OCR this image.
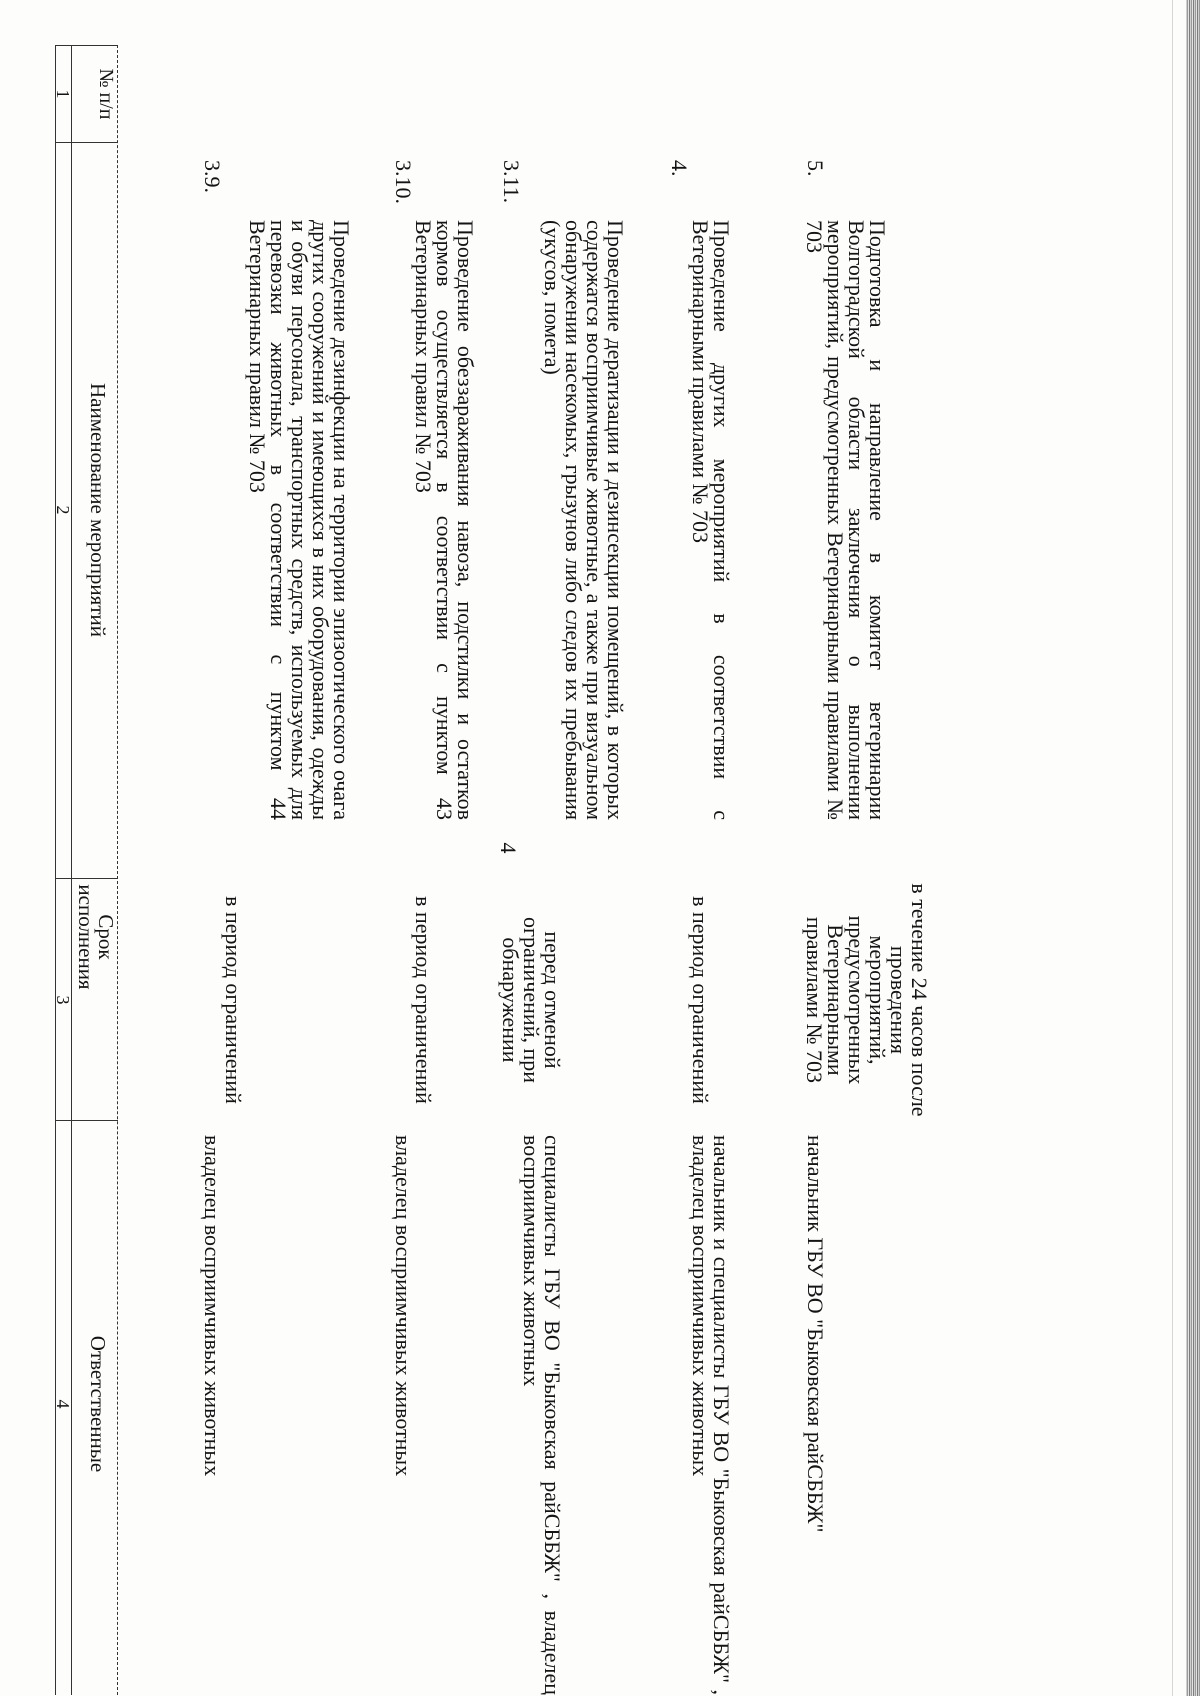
4
№ п/п
Наименование мероприятий
Срок исполнения
Ответственные
1
2
3
4
3.9.
Проведение дезинфекции на территории эпизоотического очага других сооружений и имеющихся в них оборудования, одежды и обуви персонала, транспортных средств, используемых для перевозки животных в соответствии с пунктом 44 Ветеринарных правил № 703
в период ограничений
владелец восприимчивых животных
3.10.
Проведение обеззараживания навоза, подстилки и остатков кормов осуществляется в соответствии с пунктом 43 Ветеринарных правил № 703
в период ограничений
владелец восприимчивых животных
3.11.
Проведение дератизации и дезинсекции помещений, в которых содержатся восприимчивые животные, а также при визуальном обнаружении насекомых, грызунов либо следов их пребывания (укусов, помета)
перед отменой ограничений, при обнаружении
специалисты ГБУ ВО "Быковская райСББЖ" , владелец восприимчивых животных
4.
Проведение других мероприятий в соответствии с Ветеринарными правилами № 703
в период ограничений
начальник и специалисты ГБУ ВО "Быковская райСББЖ" , владелец восприимчивых животных
5.
Подготовка и направление в комитет ветеринарии Волгоградской области заключения о выполнении мероприятий, предусмотренных Ветеринарными правилами № 703
в течение 24 часов после проведения мероприятий, предусмотренных Ветеринарными правилами № 703
начальник ГБУ ВО "Быковская райСББЖ"
